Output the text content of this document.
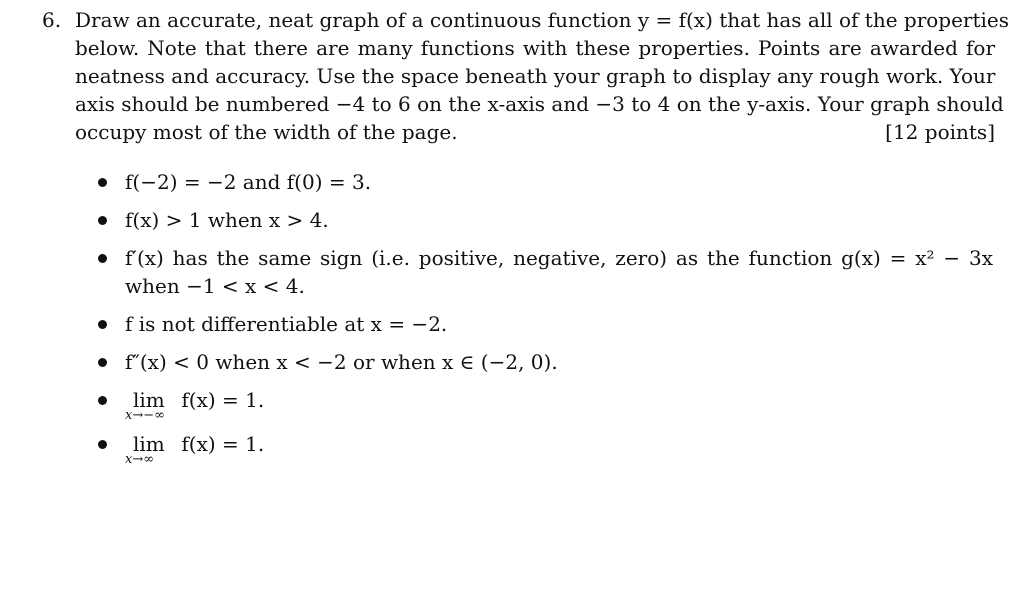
6. Draw an accurate, neat graph of a continuous function y = f(x) that has all of the properties
below. Note that there are many functions with these properties. Points are awarded for
neatness and accuracy. Use the space beneath your graph to display any rough work. Your
axis should be numbered −4 to 6 on the x-axis and −3 to 4 on the y-axis. Your graph should
occupy most of the width of the page.	[12 points]
f(−2) = −2 and f(0) = 3.
f(x) > 1 when x > 4.
f′(x) has the same sign (i.e. positive, negative, zero) as the function g(x) = x² − 3x
when −1 < x < 4.
f is not differentiable at x = −2.
f″(x) < 0 when x < −2 or when x ∈ (−2, 0).
lim
x→−∞
f(x) = 1.
lim
x→∞
f(x) = 1.
